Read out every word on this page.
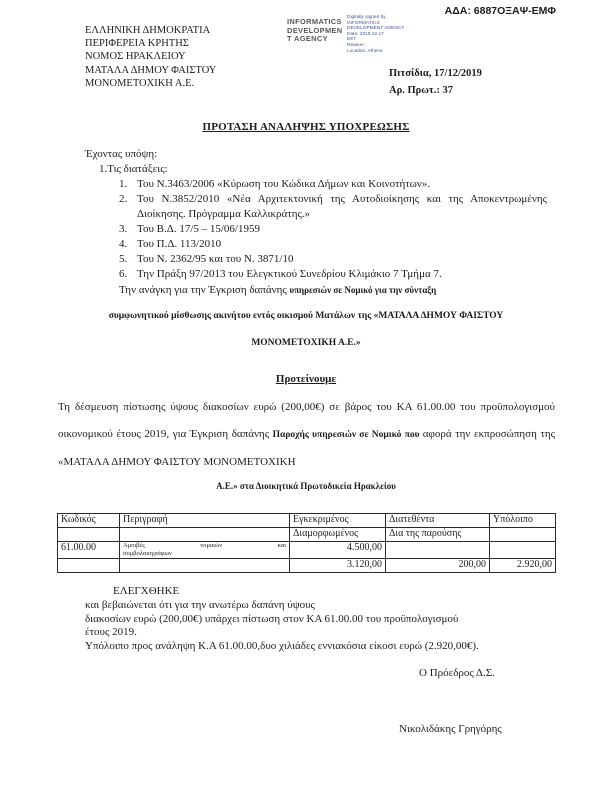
ΑΔΑ: 6887ΟΞΑΨ-ΕΜΦ
ΕΛΛΗΝΙΚΗ ΔΗΜΟΚΡΑΤΙΑ
ΠΕΡΙΦΕΡΕΙΑ ΚΡΗΤΗΣ
ΝΟΜΟΣ ΗΡΑΚΛΕΙΟΥ
ΜΑΤΑΛΑ ΔΗΜΟΥ ΦΑΙΣΤΟΥ
ΜΟΝΟΜΕΤΟΧΙΚΗ Α.Ε.
INFORMATICS
DEVELOPMEN
T AGENCY
Digitally signed by
INFORMATICS
DEVELOPMENT AGENCY
Date: 2019.12.17
EET
Reason:
Location: Athens
Πιτσίδια, 17/12/2019
Αρ. Πρωτ.: 37
ΠΡΟΤΑΣΗ ΑΝΑΛΗΨΗΣ ΥΠΟΧΡΕΩΣΗΣ
Έχοντας υπόψη:
1.Τις διατάξεις:
1. Του Ν.3463/2006 «Κύρωση του Κώδικα Δήμων και Κοινοτήτων».
2. Του Ν.3852/2010 «Νέα Αρχιτεκτονική της Αυτοδιοίκησης και της Αποκεντρωμένης Διοίκησης. Πρόγραμμα Καλλικράτης.»
3. Του Β.Δ. 17/5 – 15/06/1959
4. Του Π.Δ. 113/2010
5. Του Ν. 2362/95 και του Ν. 3871/10
6. Την Πράξη 97/2013 του Ελεγκτικού Συνεδρίου Κλιμάκιο 7 Τμήμα 7.
Την ανάγκη για την Έγκριση δαπάνης υπηρεσιών σε Νομικό για την σύνταξη
συμφωνητικού μίσθωσης ακινήτου εντός οικισμού Ματάλων της «ΜΑΤΑΛΑ ΔΗΜΟΥ ΦΑΙΣΤΟΥ
ΜΟΝΟΜΕΤΟΧΙΚΗ Α.Ε.»
Προτείνουμε
Τη δέσμευση πίστωσης ύψους διακοσίων ευρώ (200,00€) σε βάρος του ΚΑ 61.00.00 του προϋπολογισμού οικονομικού έτους 2019, για Έγκριση δαπάνης Παροχής υπηρεσιών σε Νομικό που αφορά την εκπροσώπηση της «ΜΑΤΑΛΑ ΔΗΜΟΥ ΦΑΙΣΤΟΥ ΜΟΝΟΜΕΤΟΧΙΚΗ
Α.Ε.» στα Διοικητικά Πρωτοδικεία Ηρακλείου
Κωδικός	Περιγραφή	Εγκεκριμένος	Διατεθέντα	Υπόλοιπο
		Διαμορφωμένος	Δια της παρούσης	
61.00.00	Αμοιβές νομικών και
συμβολαιογράφων	4.500,00		
		3.120,00	200,00	2.920,00
ΕΛΕΓΧΘΗΚΕ
και βεβαιώνεται ότι για την ανωτέρω δαπάνη ύψους
διακοσίων ευρώ (200,00€) υπάρχει πίστωση στον ΚΑ 61.00.00 του προϋπολογισμού
έτους 2019.
Υπόλοιπο προς ανάληψη Κ.Α 61.00.00,δυο χιλιάδες εννιακόσια είκοσι ευρώ (2.920,00€).
Ο Πρόεδρος Δ.Σ.
Νικολιδάκης Γρηγόρης
